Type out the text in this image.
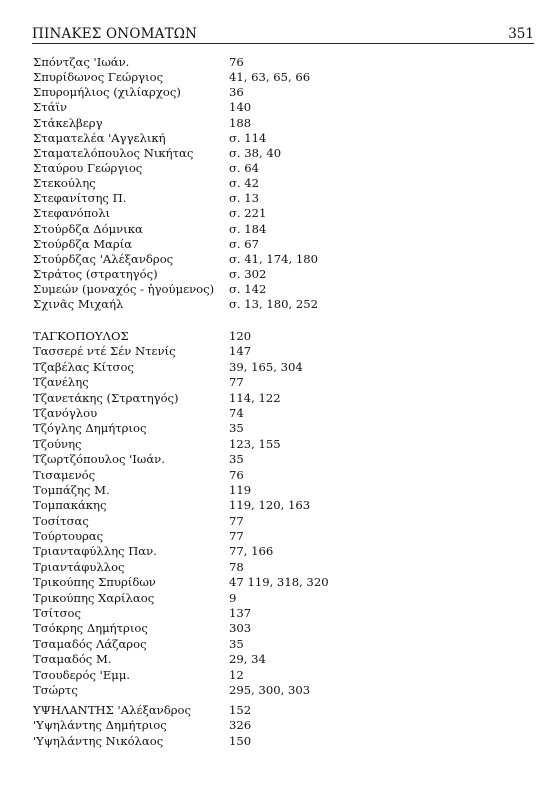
ΠΙΝΑΚΕΣ ΟΝΟΜΑΤΩΝ	351
Σπόντζας 'Ιωάν.	76
Σπυρίδωνος Γεώργιος	41, 63, 65, 66
Σπυρομήλιος (χιλίαρχος)	36
Στάϊν	140
Στάκελβεργ	188
Σταματελέα 'Αγγελική	σ. 114
Σταματελόπουλος Νικήτας	σ. 38, 40
Σταύρου Γεώργιος	σ. 64
Στεκούλης	σ. 42
Στεφανίτσης Π.	σ. 13
Στεφανόπολι	σ. 221
Στούρδζα Δόμνικα	σ. 184
Στούρδζα Μαρία	σ. 67
Στούρδζας 'Αλέξανδρος	σ. 41, 174, 180
Στράτος (στρατηγός)	σ. 302
Συμεών (μοναχός - ἡγούμενος)	σ. 142
Σχινᾶς Μιχαήλ	σ. 13, 180, 252
ΤΑΓΚΟΠΟΥΛΟΣ	120
Τασσερέ ντέ Σέν Ντενίς	147
Τζαβέλας Κίτσος	39, 165, 304
Τζανέλης	77
Τζανετάκης (Στρατηγός)	114, 122
Τζανόγλου	74
Τζόγλης Δημήτριος	35
Τζούνης	123, 155
Τζωρτζόπουλος 'Ιωάν.	35
Τισαμενός	76
Τομπάζης Μ.	119
Τομπακάκης	119, 120, 163
Τοσίτσας	77
Τούρτουρας	77
Τριανταφύλλης Παν.	77, 166
Τριαντάφυλλος	78
Τρικούπης Σπυρίδων	47 119, 318, 320
Τρικούπης Χαρίλαος	9
Τσίτσος	137
Τσόκρης Δημήτριος	303
Τσαμαδός Λάζαρος	35
Τσαμαδός Μ.	29, 34
Τσουδερός 'Εμμ.	12
Τσώρτς	295, 300, 303
ΥΨΗΛΑΝΤΗΣ 'Αλέξανδρος	152
'Υψηλάντης Δημήτριος	326
'Υψηλάντης Νικόλαος	150
